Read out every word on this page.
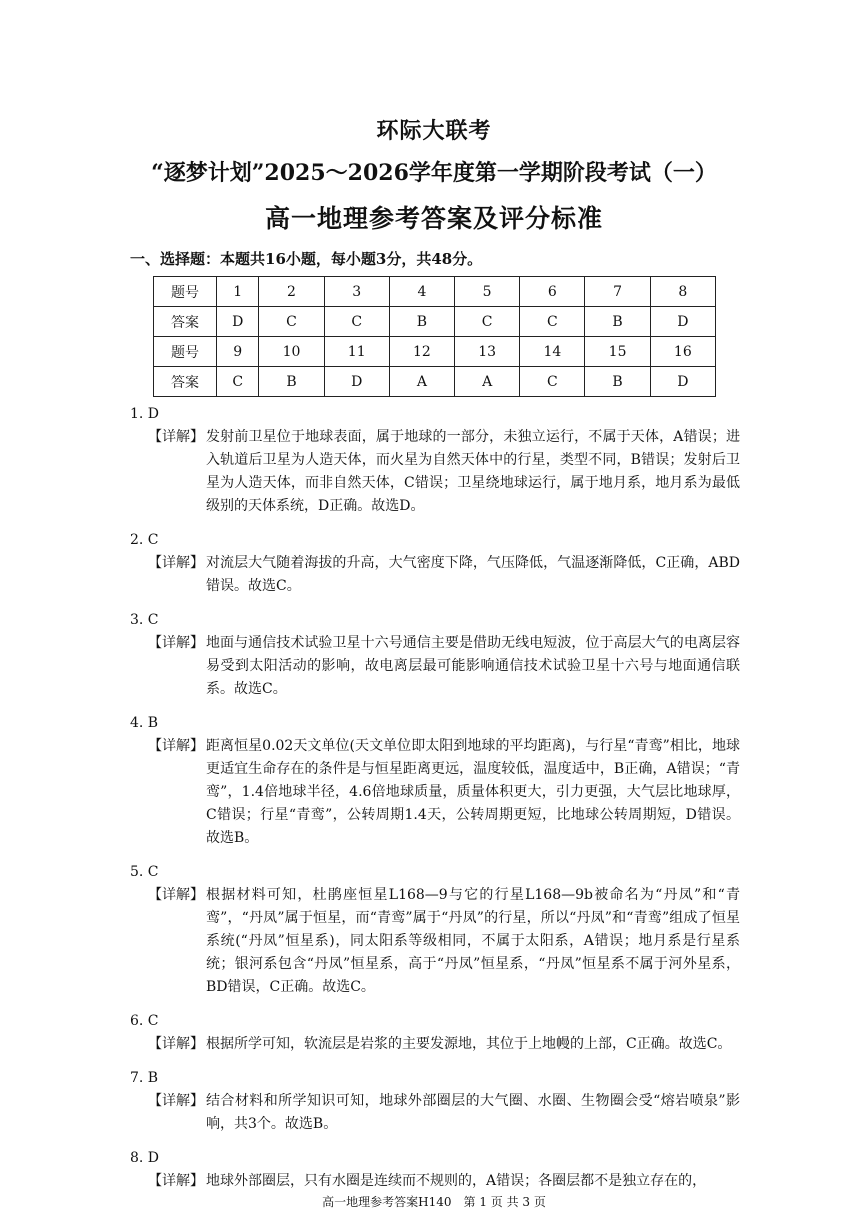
环际大联考
“逐梦计划”2025～2026学年度第一学期阶段考试（一）
高一地理参考答案及评分标准
一、选择题：本题共16小题，每小题3分，共48分。
题号	1	2	3	4	5	6	7	8
答案	D	C	C	B	C	C	B	D
题号	9	10	11	12	13	14	15	16
答案	C	B	D	A	A	C	B	D
1. D
【详解】 发射前卫星位于地球表面，属于地球的一部分，未独立运行，不属于天体，A错误；进入轨道后卫星为人造天体，而火星为自然天体中的行星，类型不同，B错误；发射后卫星为人造天体，而非自然天体，C错误；卫星绕地球运行，属于地月系，地月系为最低级别的天体系统，D正确。故选D。
2. C
【详解】 对流层大气随着海拔的升高，大气密度下降，气压降低，气温逐渐降低，C正确，ABD错误。故选C。
3. C
【详解】 地面与通信技术试验卫星十六号通信主要是借助无线电短波，位于高层大气的电离层容易受到太阳活动的影响，故电离层最可能影响通信技术试验卫星十六号与地面通信联系。故选C。
4. B
【详解】 距离恒星0.02天文单位(天文单位即太阳到地球的平均距离)，与行星“青鸾”相比，地球更适宜生命存在的条件是与恒星距离更远，温度较低，温度适中，B正确，A错误；“青鸾”，1.4倍地球半径，4.6倍地球质量，质量体积更大，引力更强，大气层比地球厚，C错误；行星“青鸾”，公转周期1.4天，公转周期更短，比地球公转周期短，D错误。故选B。
5. C
【详解】 根据材料可知，杜鹃座恒星L168—9与它的行星L168—9b被命名为“丹凤”和“青鸾”，“丹凤”属于恒星，而“青鸾”属于“丹凤”的行星，所以“丹凤”和“青鸾”组成了恒星系统(“丹凤”恒星系)，同太阳系等级相同，不属于太阳系，A错误；地月系是行星系统；银河系包含“丹凤”恒星系，高于“丹凤”恒星系，“丹凤”恒星系不属于河外星系，BD错误，C正确。故选C。
6. C
【详解】 根据所学可知，软流层是岩浆的主要发源地，其位于上地幔的上部，C正确。故选C。
7. B
【详解】 结合材料和所学知识可知，地球外部圈层的大气圈、水圈、生物圈会受“熔岩喷泉”影响，共3个。故选B。
8. D
【详解】 地球外部圈层，只有水圈是连续而不规则的，A错误；各圈层都不是独立存在的，
高一地理参考答案H140　第 1 页 共 3 页
